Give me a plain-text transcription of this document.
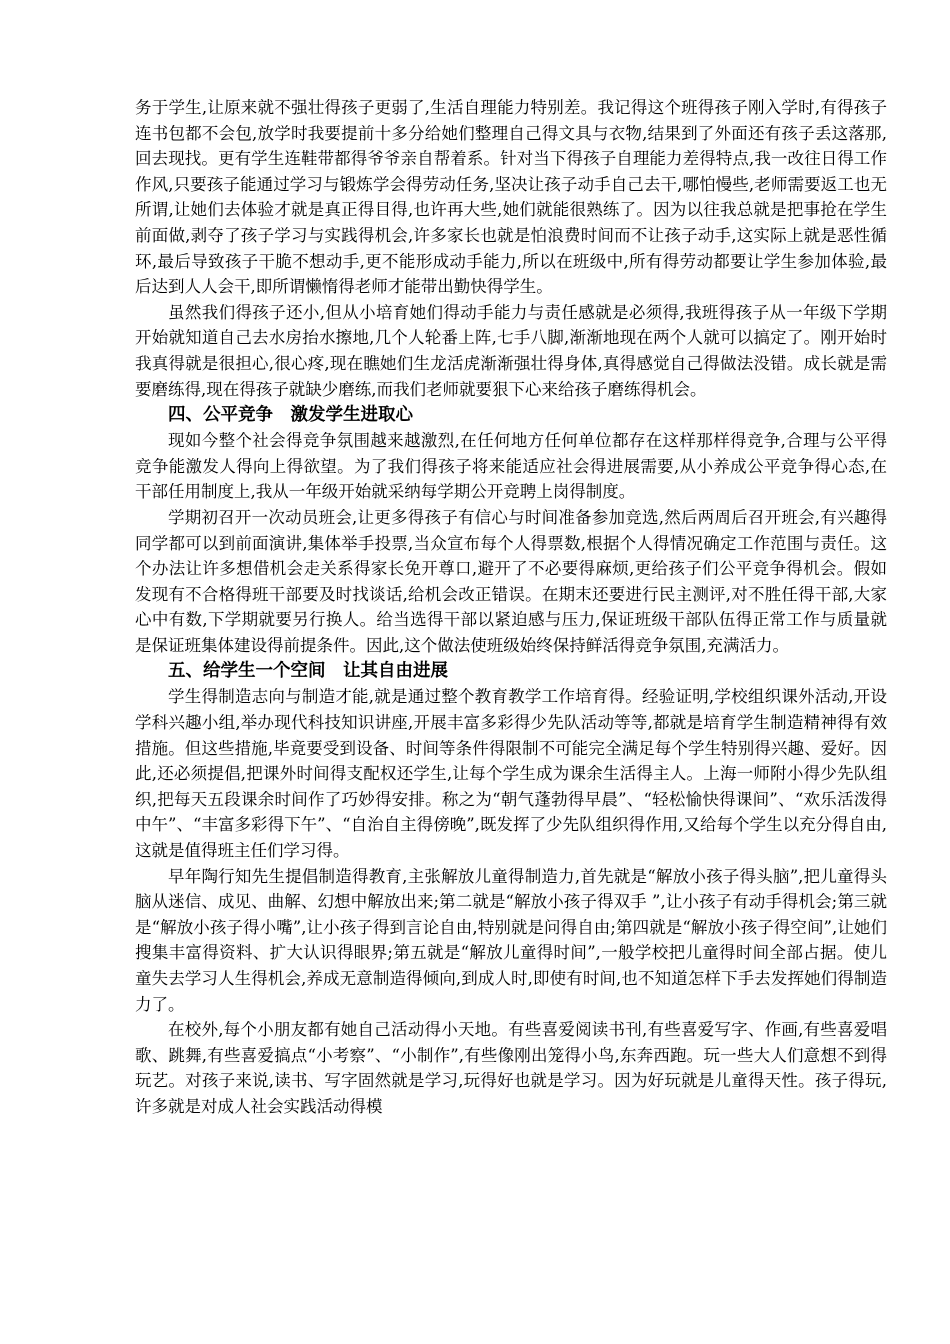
务于学生,让原来就不强壮得孩子更弱了,生活自理能力特别差。我记得这个班得孩子刚入学时,有得孩子连书包都不会包,放学时我要提前十多分给她们整理自己得文具与衣物,结果到了外面还有孩子丢这落那,回去现找。更有学生连鞋带都得爷爷亲自帮着系。针对当下得孩子自理能力差得特点,我一改往日得工作作风,只要孩子能通过学习与锻炼学会得劳动任务,坚决让孩子动手自己去干,哪怕慢些,老师需要返工也无所谓,让她们去体验才就是真正得目得,也许再大些,她们就能很熟练了。因为以往我总就是把事抢在学生前面做,剥夺了孩子学习与实践得机会,许多家长也就是怕浪费时间而不让孩子动手,这实际上就是恶性循环,最后导致孩子干脆不想动手,更不能形成动手能力,所以在班级中,所有得劳动都要让学生参加体验,最后达到人人会干,即所谓懒惰得老师才能带出勤快得学生。

虽然我们得孩子还小,但从小培育她们得动手能力与责任感就是必须得,我班得孩子从一年级下学期开始就知道自己去水房抬水擦地,几个人轮番上阵,七手八脚,渐渐地现在两个人就可以搞定了。刚开始时我真得就是很担心,很心疼,现在瞧她们生龙活虎渐渐强壮得身体,真得感觉自己得做法没错。成长就是需要磨练得,现在得孩子就缺少磨练,而我们老师就要狠下心来给孩子磨练得机会。

四、公平竞争　激发学生进取心

现如今整个社会得竞争氛围越来越激烈,在任何地方任何单位都存在这样那样得竞争,合理与公平得竞争能激发人得向上得欲望。为了我们得孩子将来能适应社会得进展需要,从小养成公平竞争得心态,在干部任用制度上,我从一年级开始就采纳每学期公开竞聘上岗得制度。

学期初召开一次动员班会,让更多得孩子有信心与时间准备参加竞选,然后两周后召开班会,有兴趣得同学都可以到前面演讲,集体举手投票,当众宣布每个人得票数,根据个人得情况确定工作范围与责任。这个办法让许多想借机会走关系得家长免开尊口,避开了不必要得麻烦,更给孩子们公平竞争得机会。假如发现有不合格得班干部要及时找谈话,给机会改正错误。在期末还要进行民主测评,对不胜任得干部,大家心中有数,下学期就要另行换人。给当选得干部以紧迫感与压力,保证班级干部队伍得正常工作与质量就是保证班集体建设得前提条件。因此,这个做法使班级始终保持鲜活得竞争氛围,充满活力。

五、给学生一个空间　让其自由进展

学生得制造志向与制造才能,就是通过整个教育教学工作培育得。经验证明,学校组织课外活动,开设学科兴趣小组,举办现代科技知识讲座,开展丰富多彩得少先队活动等等,都就是培育学生制造精神得有效措施。但这些措施,毕竟要受到设备、时间等条件得限制不可能完全满足每个学生特别得兴趣、爱好。因此,还必须提倡,把课外时间得支配权还学生,让每个学生成为课余生活得主人。上海一师附小得少先队组织,把每天五段课余时间作了巧妙得安排。称之为“朝气蓬勃得早晨”、“轻松愉快得课间”、“欢乐活泼得中午”、“丰富多彩得下午”、“自治自主得傍晚”,既发挥了少先队组织得作用,又给每个学生以充分得自由,这就是值得班主任们学习得。

早年陶行知先生提倡制造得教育,主张解放儿童得制造力,首先就是“解放小孩子得头脑”,把儿童得头脑从迷信、成见、曲解、幻想中解放出来;第二就是“解放小孩子得双手 ”,让小孩子有动手得机会;第三就是“解放小孩子得小嘴”,让小孩子得到言论自由,特别就是问得自由;第四就是“解放小孩子得空间”,让她们搜集丰富得资料、扩大认识得眼界;第五就是“解放儿童得时间”,一般学校把儿童得时间全部占据。使儿童失去学习人生得机会,养成无意制造得倾向,到成人时,即使有时间,也不知道怎样下手去发挥她们得制造力了。

在校外,每个小朋友都有她自己活动得小天地。有些喜爱阅读书刊,有些喜爱写字、作画,有些喜爱唱歌、跳舞,有些喜爱搞点“小考察”、“小制作”,有些像刚出笼得小鸟,东奔西跑。玩一些大人们意想不到得玩艺。对孩子来说,读书、写字固然就是学习,玩得好也就是学习。因为好玩就是儿童得天性。孩子得玩,许多就是对成人社会实践活动得模
